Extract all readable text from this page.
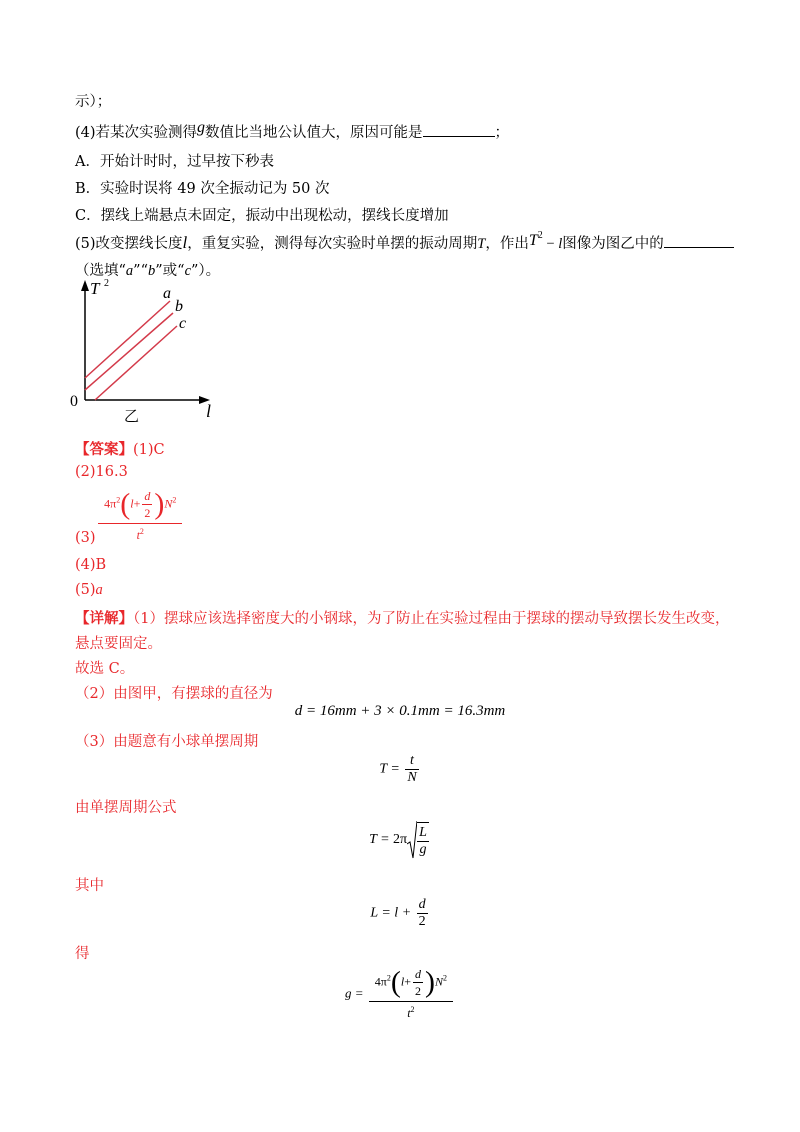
示）；
(4)若某次实验测得g数值比当地公认值大，原因可能是	；
A．开始计时时，过早按下秒表
B．实验时误将 49 次全振动记为 50 次
C．摆线上端悬点未固定，振动中出现松动，摆线长度增加
(5)改变摆线长度l，重复实验，测得每次实验时单摆的振动周期T，作出$T^2 - l$图像为图乙中的
（选填“a”“b”或“c”）。
T 2
l
0
a
b
c
乙
【答案】(1)C
(2)16.3
$(3) \frac{4\pi^2(l+ \frac{d}{2} )N^2}{t^2}$
(4)B
(5)a
【详解】（1）摆球应该选择密度大的小钢球，为了防止在实验过程由于摆球的摆动导致摆长发生改变，
悬点要固定。
故选 C。
（2）由图甲，有摆球的直径为
d = 16mm + 3 × 0.1mm = 16.3mm
（3）由题意有小球单摆周期
$T = \frac{t}{N}$
由单摆周期公式
$T = 2\pi \frac{L}{g}$
其中
$L = l + \frac{d}{2}$
得
$g = \frac{4\pi^2(l+ \frac{d}{2} )N^2}{t^2}$
